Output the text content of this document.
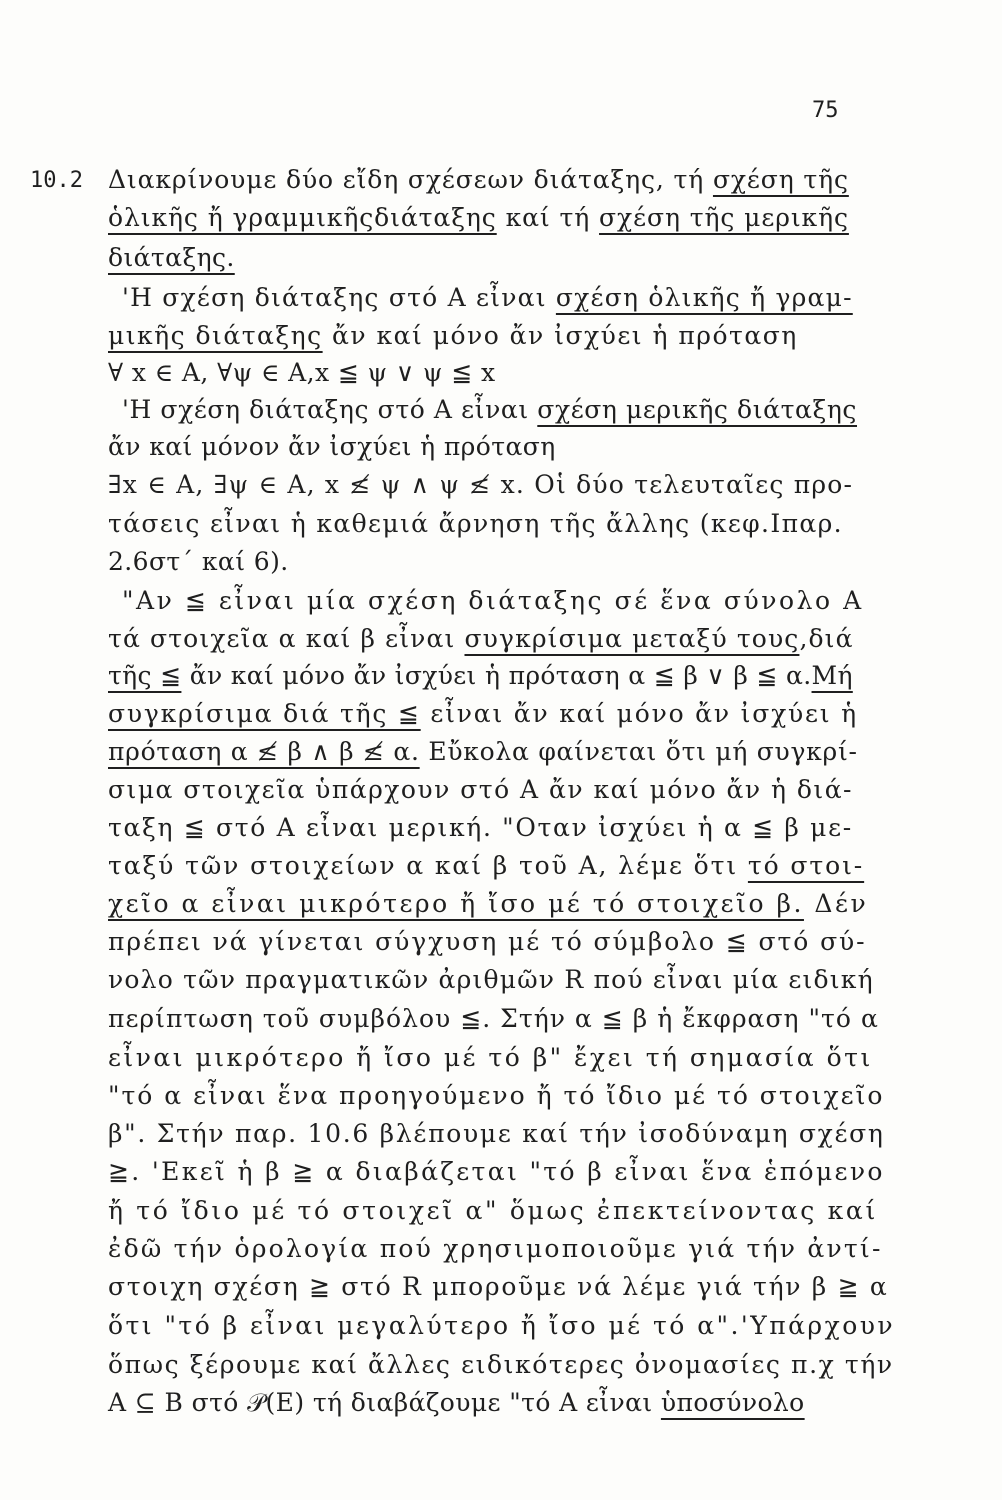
75
10.2 Διακρίνουμε δύο εἴδη σχέσεων διάταξης, τή σχέση τῆς
ὁλικῆς ἤ γραμμικῆςδιάταξης καί τή σχέση τῆς μερικῆς
διάταξης.
'Η σχέση διάταξης στό Α εἶναι σχέση ὁλικῆς ἤ γραμ-
μικῆς διάταξης ἄν καί μόνο ἄν ἰσχύει ἡ πρόταση
∀ x ∈ A, ∀ψ ∈ A,x ≦ ψ ∨ ψ ≦ x
'Η σχέση διάταξης στό Α εἶναι σχέση μερικῆς διάταξης
ἄν καί μόνον ἄν ἰσχύει ἡ πρόταση
∃x ∈ A, ∃ψ ∈ A, x ≰ ψ ∧ ψ ≰ x. Οἱ δύο τελευταῖες προ-
τάσεις εἶναι ἡ καθεμιά ἄρνηση τῆς ἄλλης (κεφ.Ιπαρ.
2.6στ΄ καί 6).
"Αν ≦ εἶναι μία σχέση διάταξης σέ ἕνα σύνολο Α
τά στοιχεῖα α καί β εἶναι συγκρίσιμα μεταξύ τους,διά
τῆς ≦ ἄν καί μόνο ἄν ἰσχύει ἡ πρόταση α ≦ β ∨ β ≦ α.Μή
συγκρίσιμα διά τῆς ≦ εἶναι ἄν καί μόνο ἄν ἰσχύει ἡ
πρόταση α ≰ β ∧ β ≰ α. Εὔκολα φαίνεται ὅτι μή συγκρί-
σιμα στοιχεῖα ὑπάρχουν στό Α ἄν καί μόνο ἄν ἡ διά-
ταξη ≦ στό Α εἶναι μερική. "Οταν ἰσχύει ἡ α ≦ β με-
ταξύ τῶν στοιχείων α καί β τοῦ Α, λέμε ὅτι τό στοι-
χεῖο α εἶναι μικρότερο ἤ ἴσο μέ τό στοιχεῖο β. Δέν
πρέπει νά γίνεται σύγχυση μέ τό σύμβολο ≦ στό σύ-
νολο τῶν πραγματικῶν ἀριθμῶν R πού εἶναι μία ειδική
περίπτωση τοῦ συμβόλου ≦. Στήν α ≦ β ἡ ἔκφραση "τό α
εἶναι μικρότερο ἤ ἴσο μέ τό β" ἔχει τή σημασία ὅτι
"τό α εἶναι ἕνα προηγούμενο ἤ τό ἴδιο μέ τό στοιχεῖο
β". Στήν παρ. 10.6 βλέπουμε καί τήν ἰσοδύναμη σχέση
≧. 'Εκεῖ ἡ β ≧ α διαβάζεται "τό β εἶναι ἕνα ἑπόμενο
ἤ τό ἴδιο μέ τό στοιχεῖ α" ὅμως ἐπεκτείνοντας καί
ἐδῶ τήν ὁρολογία πού χρησιμοποιοῦμε γιά τήν ἀντί-
στοιχη σχέση ≧ στό R μποροῦμε νά λέμε γιά τήν β ≧ α
ὅτι "τό β εἶναι μεγαλύτερο ἤ ἴσο μέ τό α".'Υπάρχουν
ὅπως ξέρουμε καί ἄλλες ειδικότερες ὀνομασίες π.χ τήν
Α ⊆ Β στό 𝒫(Ε) τή διαβάζουμε "τό Α εἶναι ὑποσύνολο
